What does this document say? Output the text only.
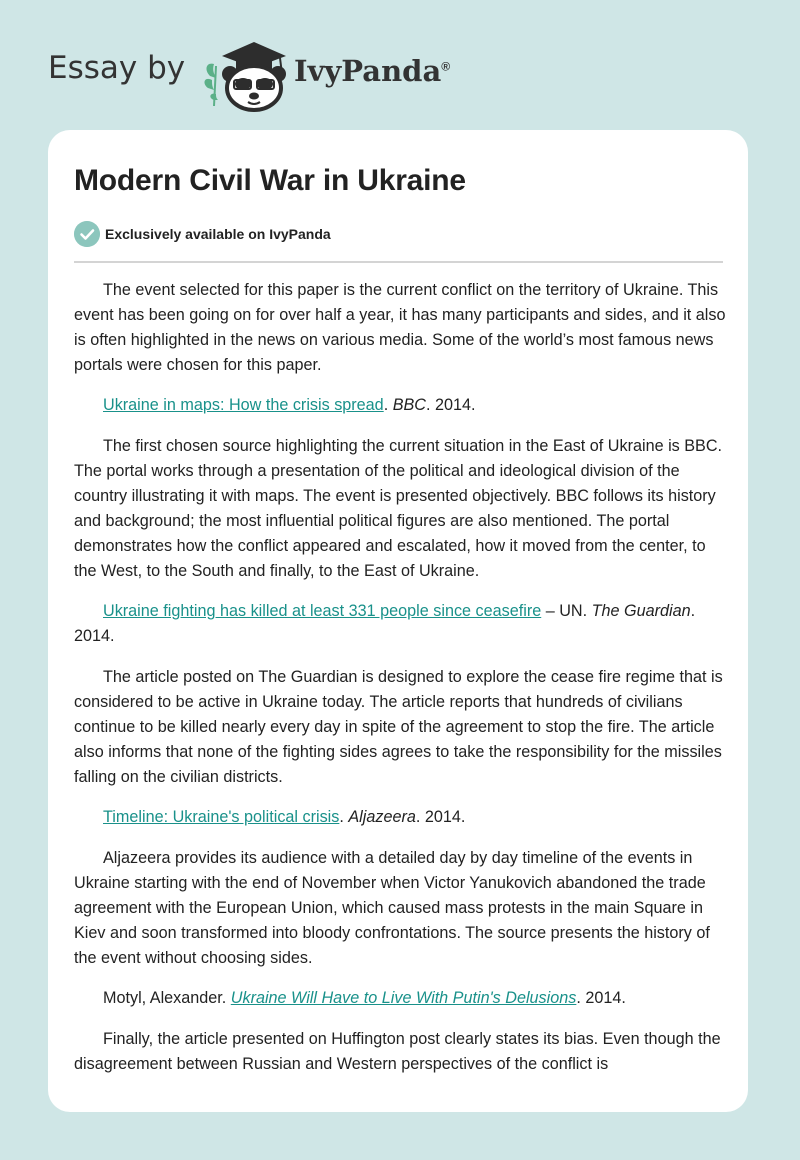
Essay by	IvyPanda®
Modern Civil War in Ukraine
Exclusively available on IvyPanda

The event selected for this paper is the current conflict on the territory of Ukraine. This event has been going on for over half a year, it has many participants and sides, and it also is often highlighted in the news on various media. Some of the world’s most famous news portals were chosen for this paper.

Ukraine in maps: How the crisis spread. BBC. 2014.

The first chosen source highlighting the current situation in the East of Ukraine is BBC. The portal works through a presentation of the political and ideological division of the country illustrating it with maps. The event is presented objectively. BBC follows its history and background; the most influential political figures are also mentioned. The portal demonstrates how the conflict appeared and escalated, how it moved from the center, to the West, to the South and finally, to the East of Ukraine.

Ukraine fighting has killed at least 331 people since ceasefire – UN. The Guardian. 2014.

The article posted on The Guardian is designed to explore the cease fire regime that is considered to be active in Ukraine today. The article reports that hundreds of civilians continue to be killed nearly every day in spite of the agreement to stop the fire. The article also informs that none of the fighting sides agrees to take the responsibility for the missiles falling on the civilian districts.

Timeline: Ukraine's political crisis. Aljazeera. 2014.

Aljazeera provides its audience with a detailed day by day timeline of the events in Ukraine starting with the end of November when Victor Yanukovich abandoned the trade agreement with the European Union, which caused mass protests in the main Square in Kiev and soon transformed into bloody confrontations. The source presents the history of the event without choosing sides.

Motyl, Alexander. Ukraine Will Have to Live With Putin's Delusions. 2014.

Finally, the article presented on Huffington post clearly states its bias. Even though the disagreement between Russian and Western perspectives of the conflict is
